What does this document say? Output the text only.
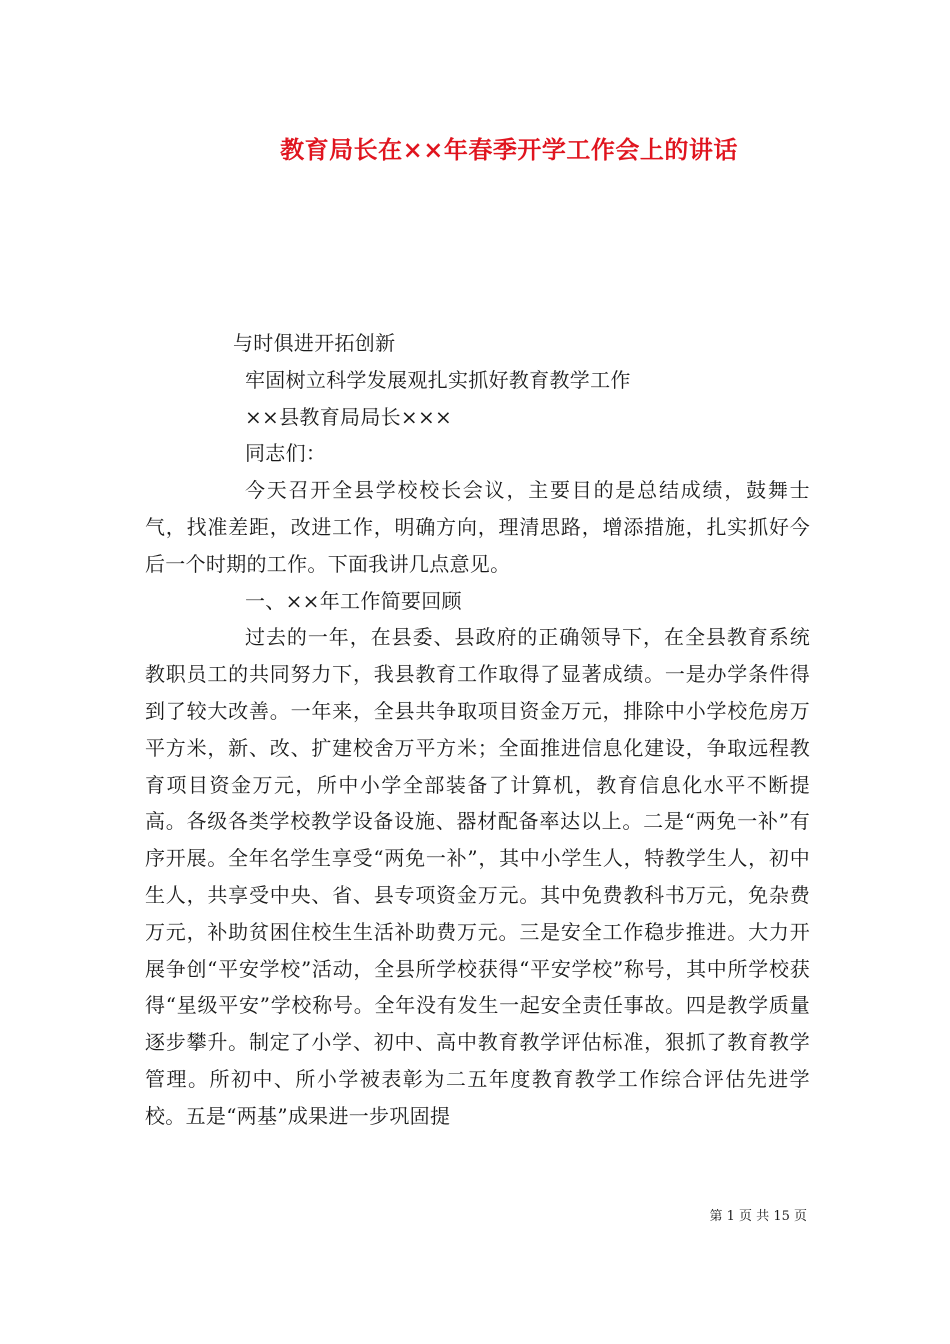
教育局长在××年春季开学工作会上的讲话

与时俱进开拓创新

牢固树立科学发展观扎实抓好教育教学工作

××县教育局局长×××

同志们：

今天召开全县学校校长会议，主要目的是总结成绩，鼓舞士气，找准差距，改进工作，明确方向，理清思路，增添措施，扎实抓好今后一个时期的工作。下面我讲几点意见。

一、××年工作简要回顾

过去的一年，在县委、县政府的正确领导下，在全县教育系统教职员工的共同努力下，我县教育工作取得了显著成绩。一是办学条件得到了较大改善。一年来，全县共争取项目资金万元，排除中小学校危房万平方米，新、改、扩建校舍万平方米；全面推进信息化建设，争取远程教育项目资金万元，所中小学全部装备了计算机，教育信息化水平不断提高。各级各类学校教学设备设施、器材配备率达以上。二是“两免一补”有序开展。全年名学生享受“两免一补”，其中小学生人，特教学生人，初中生人，共享受中央、省、县专项资金万元。其中免费教科书万元，免杂费万元，补助贫困住校生生活补助费万元。三是安全工作稳步推进。大力开展争创“平安学校”活动，全县所学校获得“平安学校”称号，其中所学校获得“星级平安”学校称号。全年没有发生一起安全责任事故。四是教学质量逐步攀升。制定了小学、初中、高中教育教学评估标准，狠抓了教育教学管理。所初中、所小学被表彰为二五年度教育教学工作综合评估先进学校。五是“两基”成果进一步巩固提

第 1 页 共 15 页
